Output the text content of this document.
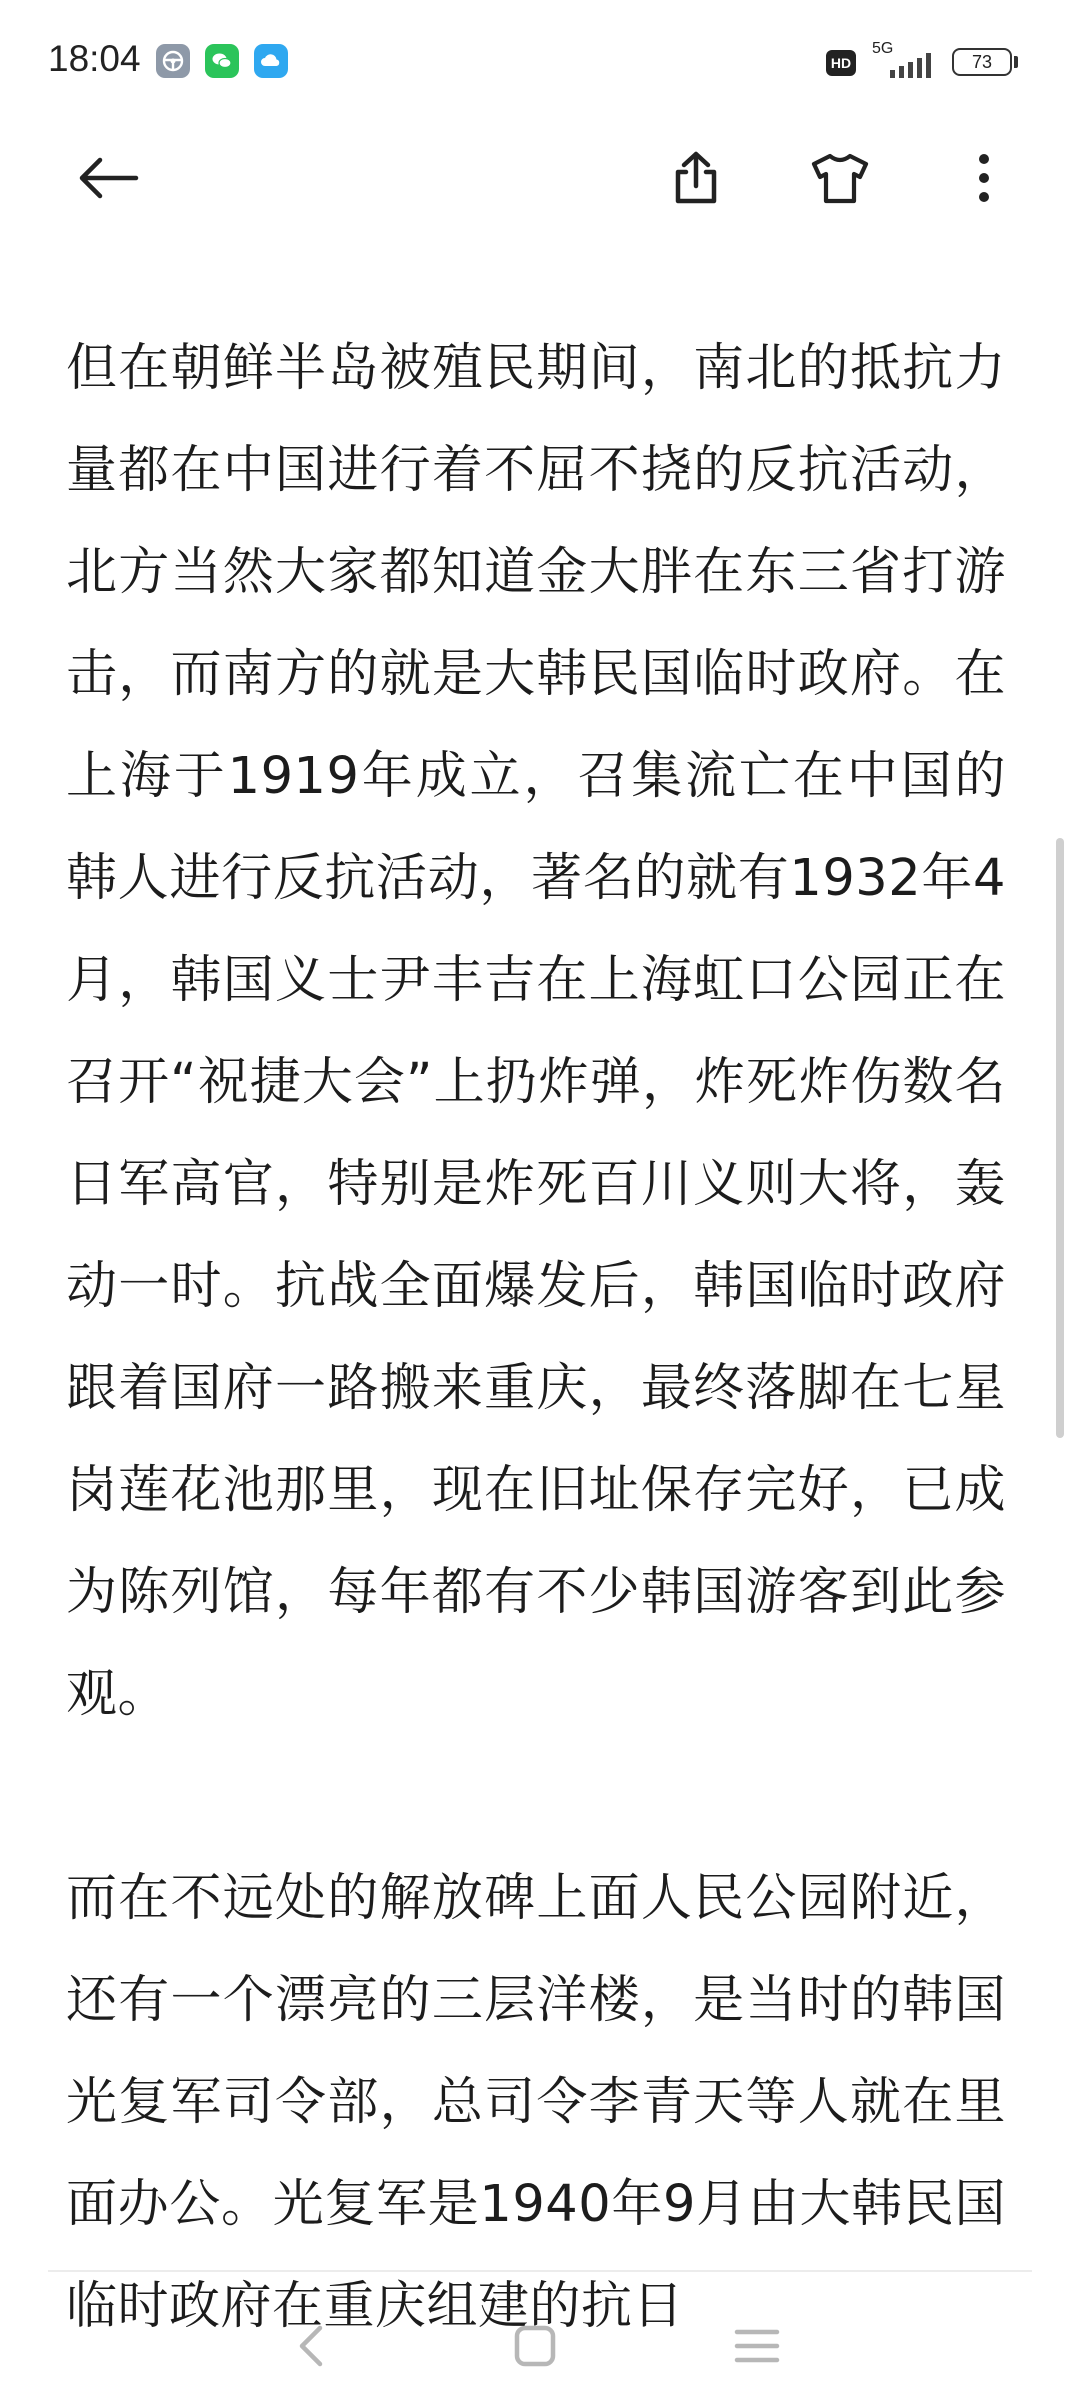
18:04	HD
5G
73

但在朝鲜半岛被殖民期间，南北的抵抗力量都在中国进行着不屈不挠的反抗活动，北方当然大家都知道金大胖在东三省打游击，而南方的就是大韩民国临时政府。在上海于1919年成立，召集流亡在中国的韩人进行反抗活动，著名的就有1932年4月，韩国义士尹丰吉在上海虹口公园正在召开“祝捷大会”上扔炸弹，炸死炸伤数名日军高官，特别是炸死百川义则大将，轰动一时。抗战全面爆发后，韩国临时政府跟着国府一路搬来重庆，最终落脚在七星岗莲花池那里，现在旧址保存完好，已成为陈列馆，每年都有不少韩国游客到此参观。

而在不远处的解放碑上面人民公园附近，还有一个漂亮的三层洋楼，是当时的韩国光复军司令部，总司令李青天等人就在里面办公。光复军是1940年9月由大韩民国临时政府在重庆组建的抗日
